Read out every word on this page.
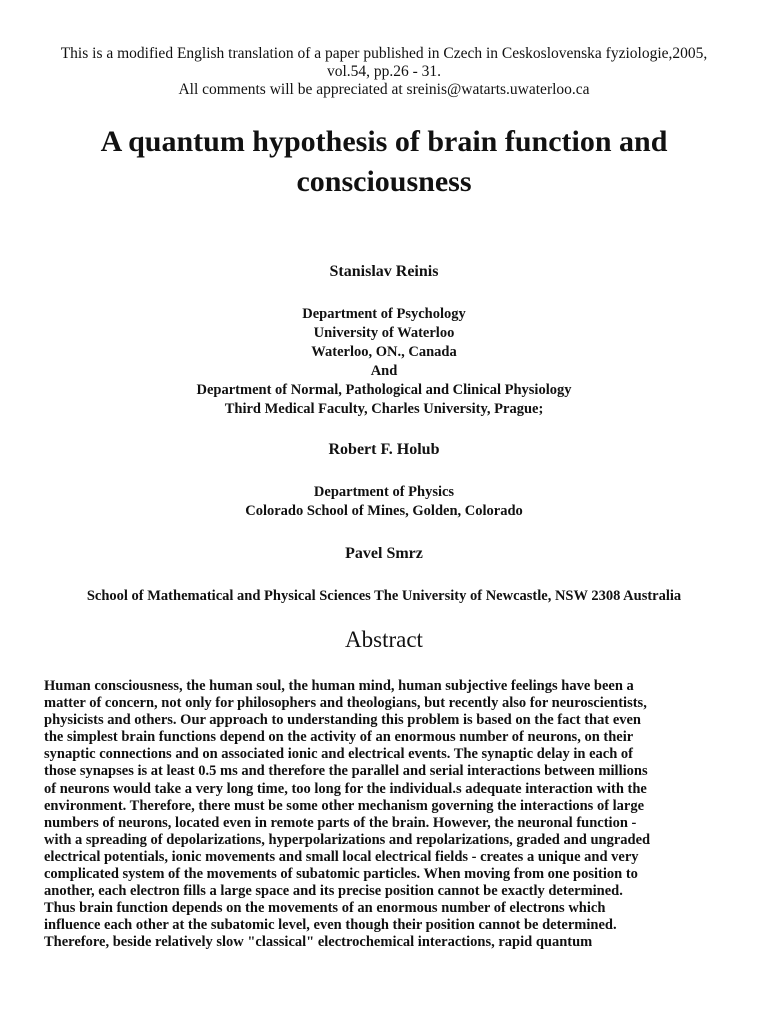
This is a modified English translation of a paper published in Czech in Ceskoslovenska fyziologie,2005,
vol.54, pp.26 - 31.
All comments will be appreciated at sreinis@watarts.uwaterloo.ca
A quantum hypothesis of brain function and
consciousness
Stanislav Reinis
Department of Psychology
University of Waterloo
Waterloo, ON., Canada
And
Department of Normal, Pathological and Clinical Physiology
Third Medical Faculty, Charles University, Prague;
Robert F. Holub
Department of Physics
Colorado School of Mines, Golden, Colorado
Pavel Smrz
School of Mathematical and Physical Sciences The University of Newcastle, NSW 2308 Australia
Abstract
Human consciousness, the human soul, the human mind, human subjective feelings have been a
matter of concern, not only for philosophers and theologians, but recently also for neuroscientists,
physicists and others. Our approach to understanding this problem is based on the fact that even
the simplest brain functions depend on the activity of an enormous number of neurons, on their
synaptic connections and on associated ionic and electrical events. The synaptic delay in each of
those synapses is at least 0.5 ms and therefore the parallel and serial interactions between millions
of neurons would take a very long time, too long for the individual.s adequate interaction with the
environment. Therefore, there must be some other mechanism governing the interactions of large
numbers of neurons, located even in remote parts of the brain. However, the neuronal function -
with a spreading of depolarizations, hyperpolarizations and repolarizations, graded and ungraded
electrical potentials, ionic movements and small local electrical fields - creates a unique and very
complicated system of the movements of subatomic particles. When moving from one position to
another, each electron fills a large space and its precise position cannot be exactly determined.
Thus brain function depends on the movements of an enormous number of electrons which
influence each other at the subatomic level, even though their position cannot be determined.
Therefore, beside relatively slow "classical" electrochemical interactions, rapid quantum
